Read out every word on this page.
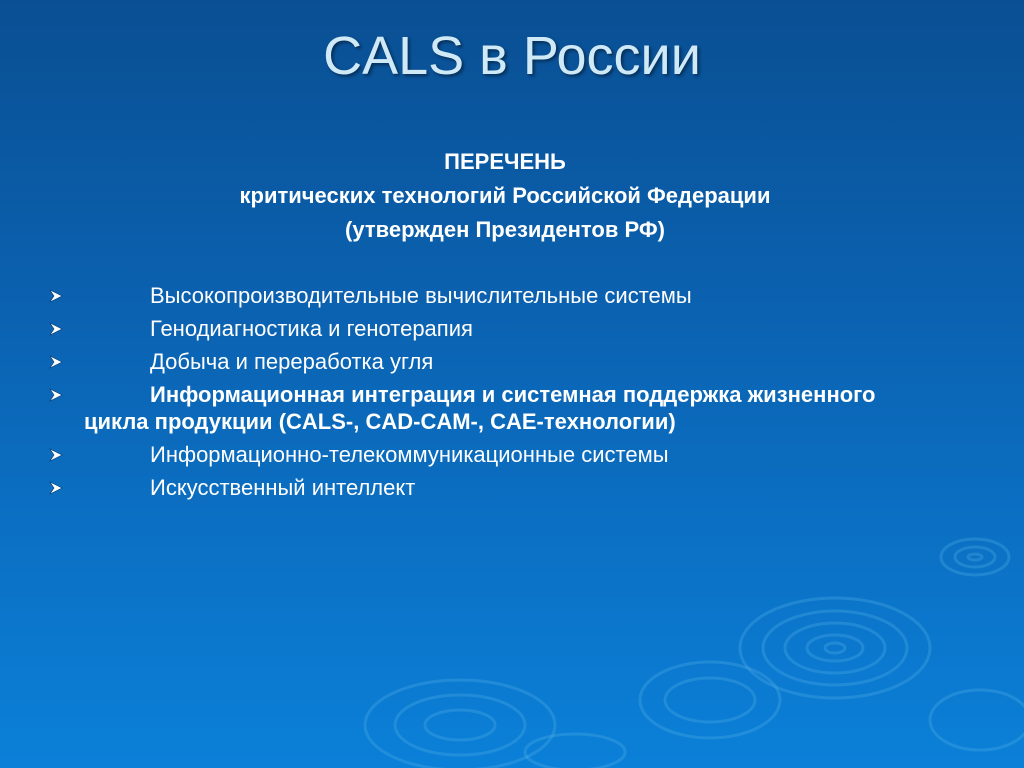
CALS в России
ПЕРЕЧЕНЬ
критических технологий Российской Федерации
(утвержден Президентов РФ)
Высокопроизводительные вычислительные системы
Генодиагностика и генотерапия
Добыча и переработка угля
Информационная интеграция и системная поддержка жизненного цикла продукции (CALS-, CAD-CAM-, CAE-технологии)
Информационно-телекоммуникационные системы
Искусственный интеллект
